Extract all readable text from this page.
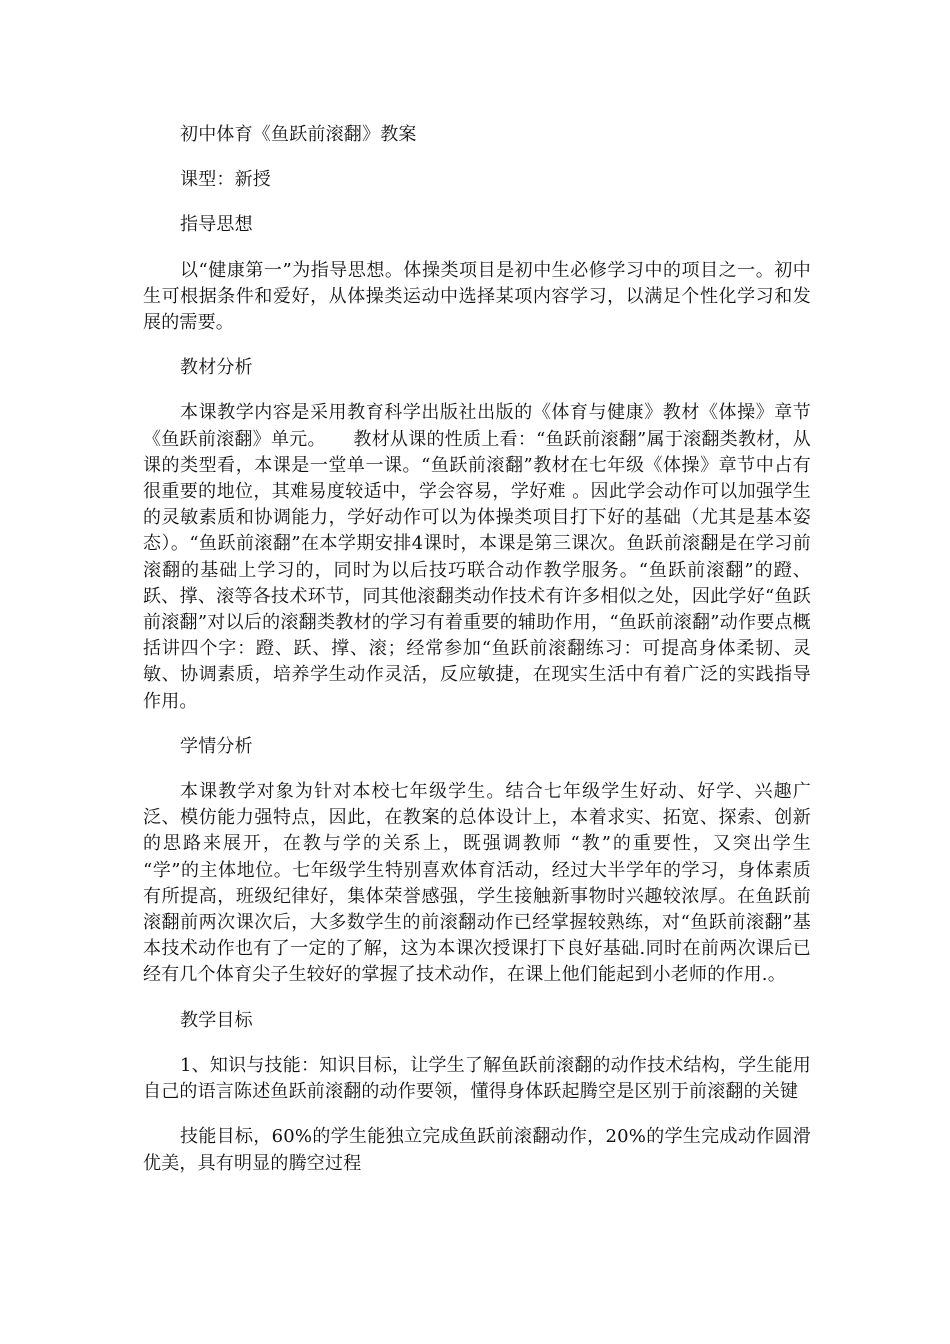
初中体育《鱼跃前滚翻》教案

课型：新授

指导思想

以“健康第一”为指导思想。体操类项目是初中生必修学习中的项目之一。初中生可根据条件和爱好，从体操类运动中选择某项内容学习，以满足个性化学习和发展的需要。

教材分析

本课教学内容是采用教育科学出版社出版的《体育与健康》教材《体操》章节《鱼跃前滚翻》单元。　　教材从课的性质上看：“鱼跃前滚翻”属于滚翻类教材，从课的类型看，本课是一堂单一课。“鱼跃前滚翻”教材在七年级《体操》章节中占有很重要的地位，其难易度较适中，学会容易，学好难 。因此学会动作可以加强学生的灵敏素质和协调能力，学好动作可以为体操类项目打下好的基础（尤其是基本姿态）。“鱼跃前滚翻”在本学期安排4课时，本课是第三课次。鱼跃前滚翻是在学习前滚翻的基础上学习的，同时为以后技巧联合动作教学服务。“鱼跃前滚翻”的蹬、跃、撑、滚等各技术环节，同其他滚翻类动作技术有许多相似之处，因此学好“鱼跃前滚翻”对以后的滚翻类教材的学习有着重要的辅助作用，“鱼跃前滚翻”动作要点概括讲四个字：蹬、跃、撑、滚；经常参加“鱼跃前滚翻练习：可提高身体柔韧、灵敏、协调素质，培养学生动作灵活，反应敏捷，在现实生活中有着广泛的实践指导作用。

学情分析

本课教学对象为针对本校七年级学生。结合七年级学生好动、好学、兴趣广泛、模仿能力强特点，因此，在教案的总体设计上，本着求实、拓宽、探索、创新的思路来展开，在教与学的关系上，既强调教师 “教”的重要性，又突出学生 “学”的主体地位。七年级学生特别喜欢体育活动，经过大半学年的学习，身体素质有所提高，班级纪律好，集体荣誉感强，学生接触新事物时兴趣较浓厚。在鱼跃前滚翻前两次课次后，大多数学生的前滚翻动作已经掌握较熟练，对“鱼跃前滚翻”基本技术动作也有了一定的了解，这为本课次授课打下良好基础.同时在前两次课后已经有几个体育尖子生较好的掌握了技术动作，在课上他们能起到小老师的作用.。

教学目标

1、知识与技能：知识目标，让学生了解鱼跃前滚翻的动作技术结构，学生能用自己的语言陈述鱼跃前滚翻的动作要领，懂得身体跃起腾空是区别于前滚翻的关键

技能目标，60%的学生能独立完成鱼跃前滚翻动作，20%的学生完成动作圆滑优美，具有明显的腾空过程
